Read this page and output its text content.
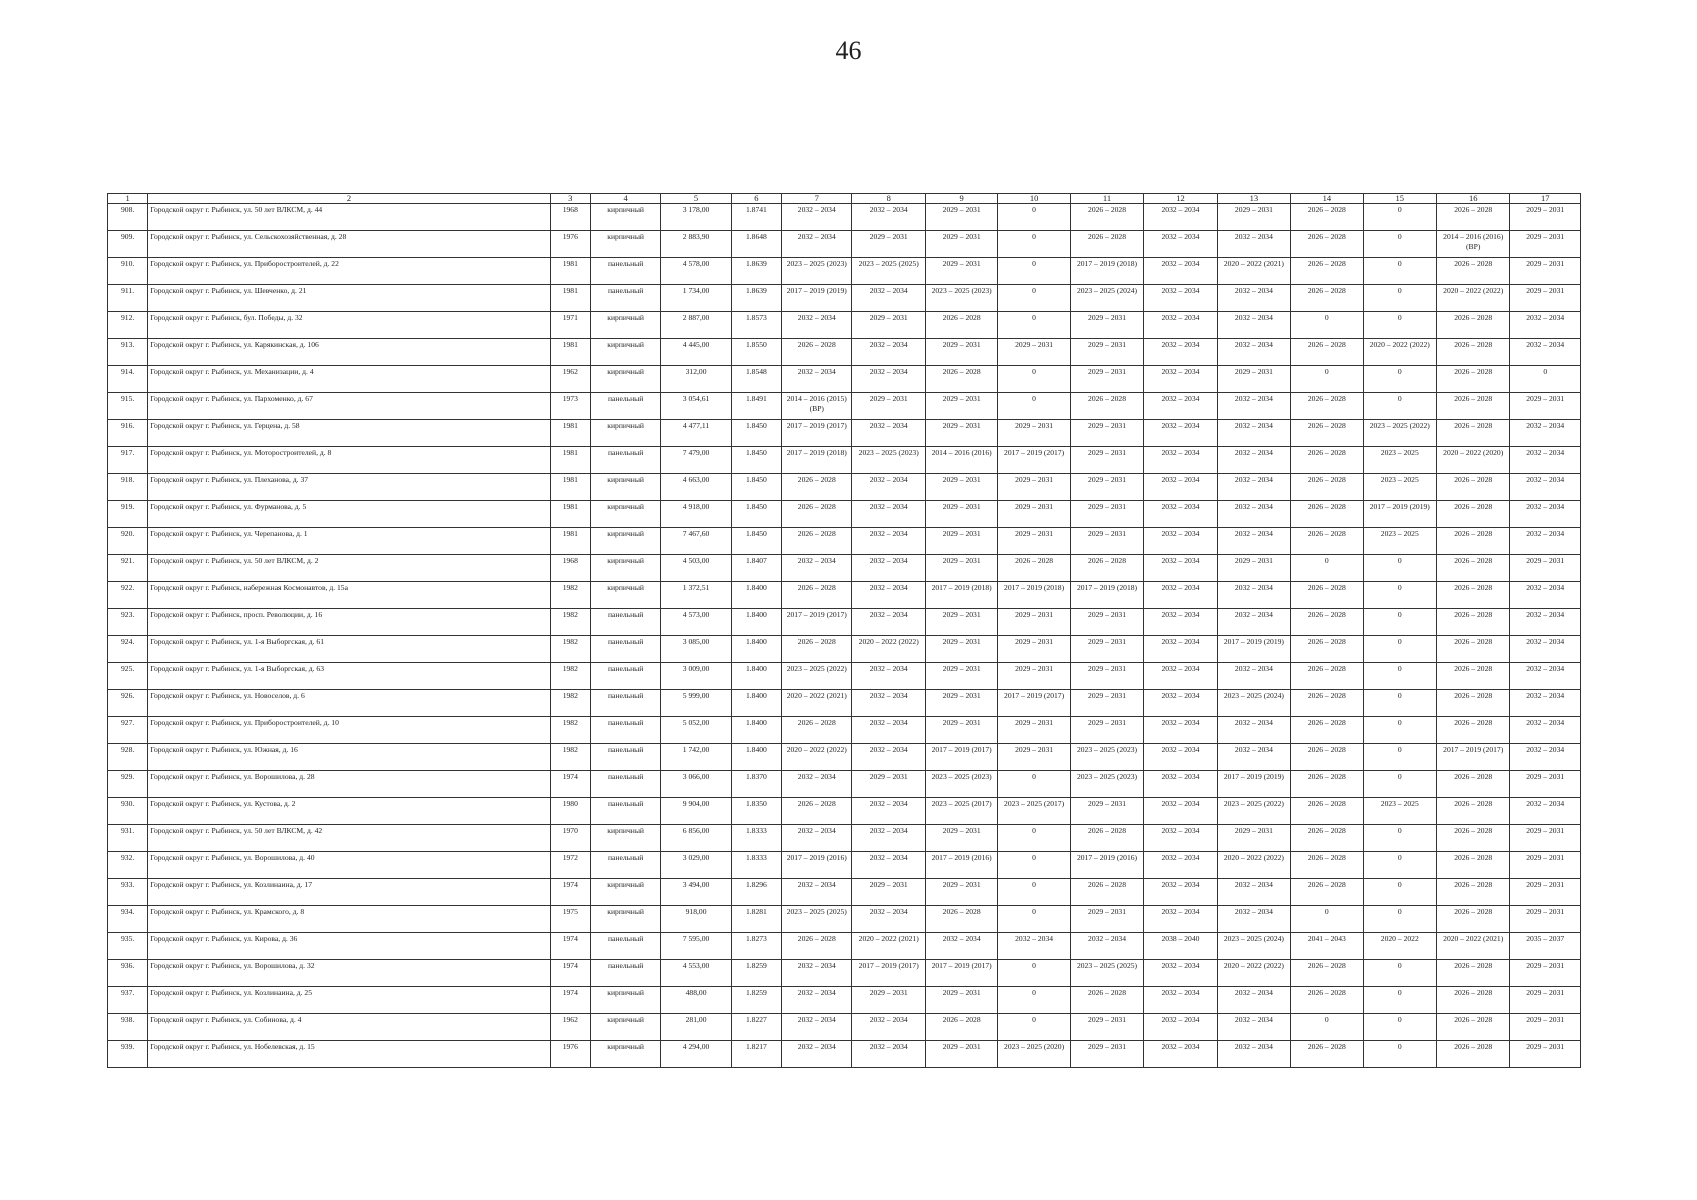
46
1	2	3	4	5	6	7	8	9	10	11	12	13	14	15	16	17
908.	Городской округ г. Рыбинск, ул. 50 лет ВЛКСМ, д. 44	1968	кирпичный	3 178,00	1.8741	2032 – 2034	2032 – 2034	2029 – 2031	0	2026 – 2028	2032 – 2034	2029 – 2031	2026 – 2028	0	2026 – 2028	2029 – 2031
909.	Городской округ г. Рыбинск, ул. Сельскохозяйственная, д. 28	1976	кирпичный	2 883,90	1.8648	2032 – 2034	2029 – 2031	2029 – 2031	0	2026 – 2028	2032 – 2034	2032 – 2034	2026 – 2028	0	2014 – 2016 (2016) (ВР)	2029 – 2031
910.	Городской округ г. Рыбинск, ул. Приборостроителей, д. 22	1981	панельный	4 578,00	1.8639	2023 – 2025 (2023)	2023 – 2025 (2025)	2029 – 2031	0	2017 – 2019 (2018)	2032 – 2034	2020 – 2022 (2021)	2026 – 2028	0	2026 – 2028	2029 – 2031
911.	Городской округ г. Рыбинск, ул. Шевченко, д. 21	1981	панельный	1 734,00	1.8639	2017 – 2019 (2019)	2032 – 2034	2023 – 2025 (2023)	0	2023 – 2025 (2024)	2032 – 2034	2032 – 2034	2026 – 2028	0	2020 – 2022 (2022)	2029 – 2031
912.	Городской округ г. Рыбинск, бул. Победы, д. 32	1971	кирпичный	2 887,00	1.8573	2032 – 2034	2029 – 2031	2026 – 2028	0	2029 – 2031	2032 – 2034	2032 – 2034	0	0	2026 – 2028	2032 – 2034
913.	Городской округ г. Рыбинск, ул. Карякинская, д. 106	1981	кирпичный	4 445,00	1.8550	2026 – 2028	2032 – 2034	2029 – 2031	2029 – 2031	2029 – 2031	2032 – 2034	2032 – 2034	2026 – 2028	2020 – 2022 (2022)	2026 – 2028	2032 – 2034
914.	Городской округ г. Рыбинск, ул. Механизации, д. 4	1962	кирпичный	312,00	1.8548	2032 – 2034	2032 – 2034	2026 – 2028	0	2029 – 2031	2032 – 2034	2029 – 2031	0	0	2026 – 2028	0
915.	Городской округ г. Рыбинск, ул. Пархоменко, д. 67	1973	панельный	3 054,61	1.8491	2014 – 2016 (2015) (ВР)	2029 – 2031	2029 – 2031	0	2026 – 2028	2032 – 2034	2032 – 2034	2026 – 2028	0	2026 – 2028	2029 – 2031
916.	Городской округ г. Рыбинск, ул. Герцена, д. 58	1981	кирпичный	4 477,11	1.8450	2017 – 2019 (2017)	2032 – 2034	2029 – 2031	2029 – 2031	2029 – 2031	2032 – 2034	2032 – 2034	2026 – 2028	2023 – 2025 (2022)	2026 – 2028	2032 – 2034
917.	Городской округ г. Рыбинск, ул. Моторостроителей, д. 8	1981	панельный	7 479,00	1.8450	2017 – 2019 (2018)	2023 – 2025 (2023)	2014 – 2016 (2016)	2017 – 2019 (2017)	2029 – 2031	2032 – 2034	2032 – 2034	2026 – 2028	2023 – 2025	2020 – 2022 (2020)	2032 – 2034
918.	Городской округ г. Рыбинск, ул. Плеханова, д. 37	1981	кирпичный	4 663,00	1.8450	2026 – 2028	2032 – 2034	2029 – 2031	2029 – 2031	2029 – 2031	2032 – 2034	2032 – 2034	2026 – 2028	2023 – 2025	2026 – 2028	2032 – 2034
919.	Городской округ г. Рыбинск, ул. Фурманова, д. 5	1981	кирпичный	4 918,00	1.8450	2026 – 2028	2032 – 2034	2029 – 2031	2029 – 2031	2029 – 2031	2032 – 2034	2032 – 2034	2026 – 2028	2017 – 2019 (2019)	2026 – 2028	2032 – 2034
920.	Городской округ г. Рыбинск, ул. Черепанова, д. 1	1981	кирпичный	7 467,60	1.8450	2026 – 2028	2032 – 2034	2029 – 2031	2029 – 2031	2029 – 2031	2032 – 2034	2032 – 2034	2026 – 2028	2023 – 2025	2026 – 2028	2032 – 2034
921.	Городской округ г. Рыбинск, ул. 50 лет ВЛКСМ, д. 2	1968	кирпичный	4 503,00	1.8407	2032 – 2034	2032 – 2034	2029 – 2031	2026 – 2028	2026 – 2028	2032 – 2034	2029 – 2031	0	0	2026 – 2028	2029 – 2031
922.	Городской округ г. Рыбинск, набережная Космонавтов, д. 15а	1982	кирпичный	1 372,51	1.8400	2026 – 2028	2032 – 2034	2017 – 2019 (2018)	2017 – 2019 (2018)	2017 – 2019 (2018)	2032 – 2034	2032 – 2034	2026 – 2028	0	2026 – 2028	2032 – 2034
923.	Городской округ г. Рыбинск, просп. Революции, д. 16	1982	панельный	4 573,00	1.8400	2017 – 2019 (2017)	2032 – 2034	2029 – 2031	2029 – 2031	2029 – 2031	2032 – 2034	2032 – 2034	2026 – 2028	0	2026 – 2028	2032 – 2034
924.	Городской округ г. Рыбинск, ул. 1-я Выборгская, д. 61	1982	панельный	3 085,00	1.8400	2026 – 2028	2020 – 2022 (2022)	2029 – 2031	2029 – 2031	2029 – 2031	2032 – 2034	2017 – 2019 (2019)	2026 – 2028	0	2026 – 2028	2032 – 2034
925.	Городской округ г. Рыбинск, ул. 1-я Выборгская, д. 63	1982	панельный	3 009,00	1.8400	2023 – 2025 (2022)	2032 – 2034	2029 – 2031	2029 – 2031	2029 – 2031	2032 – 2034	2032 – 2034	2026 – 2028	0	2026 – 2028	2032 – 2034
926.	Городской округ г. Рыбинск, ул. Новоселов, д. 6	1982	панельный	5 999,00	1.8400	2020 – 2022 (2021)	2032 – 2034	2029 – 2031	2017 – 2019 (2017)	2029 – 2031	2032 – 2034	2023 – 2025 (2024)	2026 – 2028	0	2026 – 2028	2032 – 2034
927.	Городской округ г. Рыбинск, ул. Приборостроителей, д. 10	1982	панельный	5 052,00	1.8400	2026 – 2028	2032 – 2034	2029 – 2031	2029 – 2031	2029 – 2031	2032 – 2034	2032 – 2034	2026 – 2028	0	2026 – 2028	2032 – 2034
928.	Городской округ г. Рыбинск, ул. Южная, д. 16	1982	панельный	1 742,00	1.8400	2020 – 2022 (2022)	2032 – 2034	2017 – 2019 (2017)	2029 – 2031	2023 – 2025 (2023)	2032 – 2034	2032 – 2034	2026 – 2028	0	2017 – 2019 (2017)	2032 – 2034
929.	Городской округ г. Рыбинск, ул. Ворошилова, д. 28	1974	панельный	3 066,00	1.8370	2032 – 2034	2029 – 2031	2023 – 2025 (2023)	0	2023 – 2025 (2023)	2032 – 2034	2017 – 2019 (2019)	2026 – 2028	0	2026 – 2028	2029 – 2031
930.	Городской округ г. Рыбинск, ул. Кустова, д. 2	1980	панельный	9 904,00	1.8350	2026 – 2028	2032 – 2034	2023 – 2025 (2017)	2023 – 2025 (2017)	2029 – 2031	2032 – 2034	2023 – 2025 (2022)	2026 – 2028	2023 – 2025	2026 – 2028	2032 – 2034
931.	Городской округ г. Рыбинск, ул. 50 лет ВЛКСМ, д. 42	1970	кирпичный	6 856,00	1.8333	2032 – 2034	2032 – 2034	2029 – 2031	0	2026 – 2028	2032 – 2034	2029 – 2031	2026 – 2028	0	2026 – 2028	2029 – 2031
932.	Городской округ г. Рыбинск, ул. Ворошилова, д. 40	1972	панельный	3 029,00	1.8333	2017 – 2019 (2016)	2032 – 2034	2017 – 2019 (2016)	0	2017 – 2019 (2016)	2032 – 2034	2020 – 2022 (2022)	2026 – 2028	0	2026 – 2028	2029 – 2031
933.	Городской округ г. Рыбинск, ул. Козлинаина, д. 17	1974	кирпичный	3 494,00	1.8296	2032 – 2034	2029 – 2031	2029 – 2031	0	2026 – 2028	2032 – 2034	2032 – 2034	2026 – 2028	0	2026 – 2028	2029 – 2031
934.	Городской округ г. Рыбинск, ул. Крамского, д. 8	1975	кирпичный	918,00	1.8281	2023 – 2025 (2025)	2032 – 2034	2026 – 2028	0	2029 – 2031	2032 – 2034	2032 – 2034	0	0	2026 – 2028	2029 – 2031
935.	Городской округ г. Рыбинск, ул. Кирова, д. 36	1974	панельный	7 595,00	1.8273	2026 – 2028	2020 – 2022 (2021)	2032 – 2034	2032 – 2034	2032 – 2034	2038 – 2040	2023 – 2025 (2024)	2041 – 2043	2020 – 2022	2020 – 2022 (2021)	2035 – 2037
936.	Городской округ г. Рыбинск, ул. Ворошилова, д. 32	1974	панельный	4 553,00	1.8259	2032 – 2034	2017 – 2019 (2017)	2017 – 2019 (2017)	0	2023 – 2025 (2025)	2032 – 2034	2020 – 2022 (2022)	2026 – 2028	0	2026 – 2028	2029 – 2031
937.	Городской округ г. Рыбинск, ул. Козлинаина, д. 25	1974	кирпичный	488,00	1.8259	2032 – 2034	2029 – 2031	2029 – 2031	0	2026 – 2028	2032 – 2034	2032 – 2034	2026 – 2028	0	2026 – 2028	2029 – 2031
938.	Городской округ г. Рыбинск, ул. Собинова, д. 4	1962	кирпичный	281,00	1.8227	2032 – 2034	2032 – 2034	2026 – 2028	0	2029 – 2031	2032 – 2034	2032 – 2034	0	0	2026 – 2028	2029 – 2031
939.	Городской округ г. Рыбинск, ул. Нобелевская, д. 15	1976	кирпичный	4 294,00	1.8217	2032 – 2034	2032 – 2034	2029 – 2031	2023 – 2025 (2020)	2029 – 2031	2032 – 2034	2032 – 2034	2026 – 2028	0	2026 – 2028	2029 – 2031
